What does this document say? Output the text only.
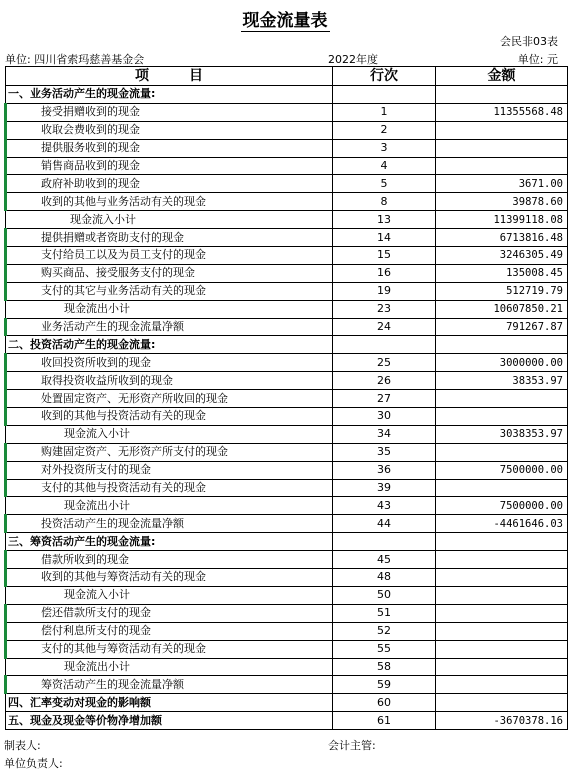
现金流量表
会民非03表
单位: 四川省索玛慈善基金会	2022年度	单位: 元
项目	行次	金额
一、业务活动产生的现金流量:		
接受捐赠收到的现金	1	11355568.48
收取会费收到的现金	2	
提供服务收到的现金	3	
销售商品收到的现金	4	
政府补助收到的现金	5	3671.00
收到的其他与业务活动有关的现金	8	39878.60
现金流入小计	13	11399118.08
提供捐赠或者资助支付的现金	14	6713816.48
支付给员工以及为员工支付的现金	15	3246305.49
购买商品、接受服务支付的现金	16	135008.45
支付的其它与业务活动有关的现金	19	512719.79
现金流出小计	23	10607850.21
业务活动产生的现金流量净额	24	791267.87
二、投资活动产生的现金流量:		
收回投资所收到的现金	25	3000000.00
取得投资收益所收到的现金	26	38353.97
处置固定资产、无形资产所收回的现金	27	
收到的其他与投资活动有关的现金	30	
现金流入小计	34	3038353.97
购建固定资产、无形资产所支付的现金	35	
对外投资所支付的现金	36	7500000.00
支付的其他与投资活动有关的现金	39	
现金流出小计	43	7500000.00
投资活动产生的现金流量净额	44	-4461646.03
三、筹资活动产生的现金流量:		
借款所收到的现金	45	
收到的其他与筹资活动有关的现金	48	
现金流入小计	50	
偿还借款所支付的现金	51	
偿付利息所支付的现金	52	
支付的其他与筹资活动有关的现金	55	
现金流出小计	58	
筹资活动产生的现金流量净额	59	
四、汇率变动对现金的影响额	60	
五、现金及现金等价物净增加额	61	-3670378.16
制表人:	会计主管:
单位负责人:
